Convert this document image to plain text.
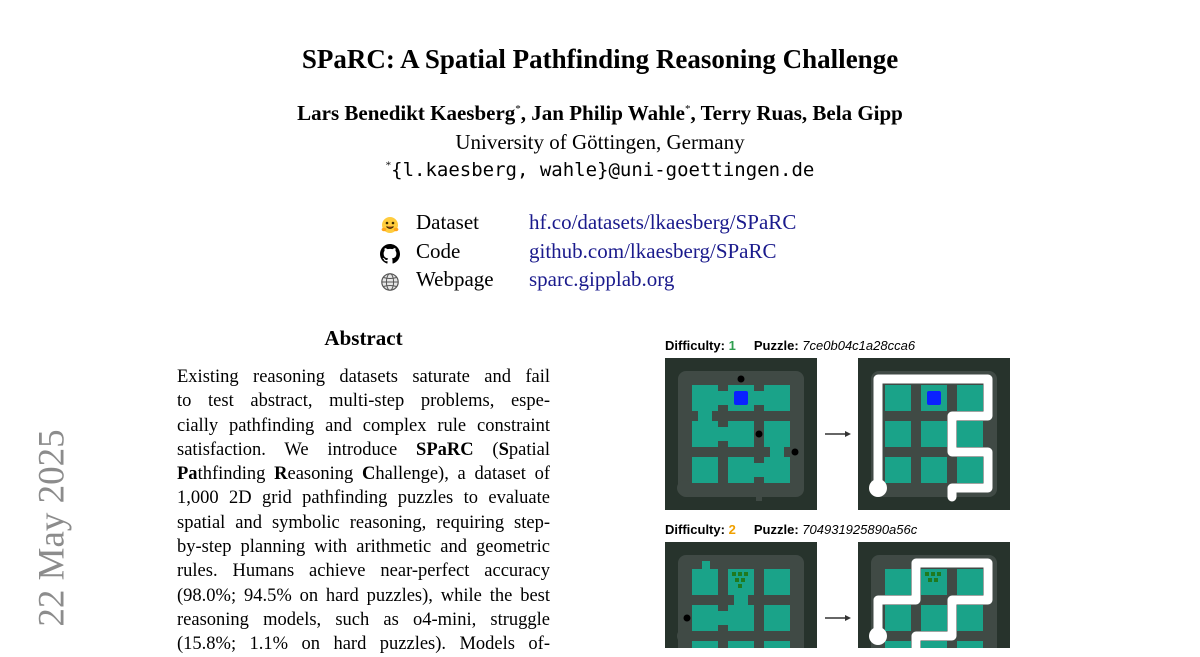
SPaRC: A Spatial Pathfinding Reasoning Challenge
Lars Benedikt Kaesberg*, Jan Philip Wahle*, Terry Ruas, Bela Gipp
University of Göttingen, Germany
*{l.kaesberg, wahle}@uni-goettingen.de
Dataset hf.co/datasets/lkaesberg/SPaRC
Code	github.com/lkaesberg/SPaRC
Webpage sparc.gipplab.org
22 May 2025
Abstract
Existing reasoning datasets saturate and fail
to test abstract, multi-step problems, espe-
cially pathfinding and complex rule constraint
satisfaction. We introduce SPaRC (Spatial
Pathfinding Reasoning Challenge), a dataset of
1,000 2D grid pathfinding puzzles to evaluate
spatial and symbolic reasoning, requiring step-
by-step planning with arithmetic and geometric
rules. Humans achieve near-perfect accuracy
(98.0%; 94.5% on hard puzzles), while the best
reasoning models, such as o4-mini, struggle
(15.8%; 1.1% on hard puzzles). Models of-
Difficulty: 1 Puzzle: 7ce0b04c1a28cca6
Difficulty: 2 Puzzle: 704931925890a56c
